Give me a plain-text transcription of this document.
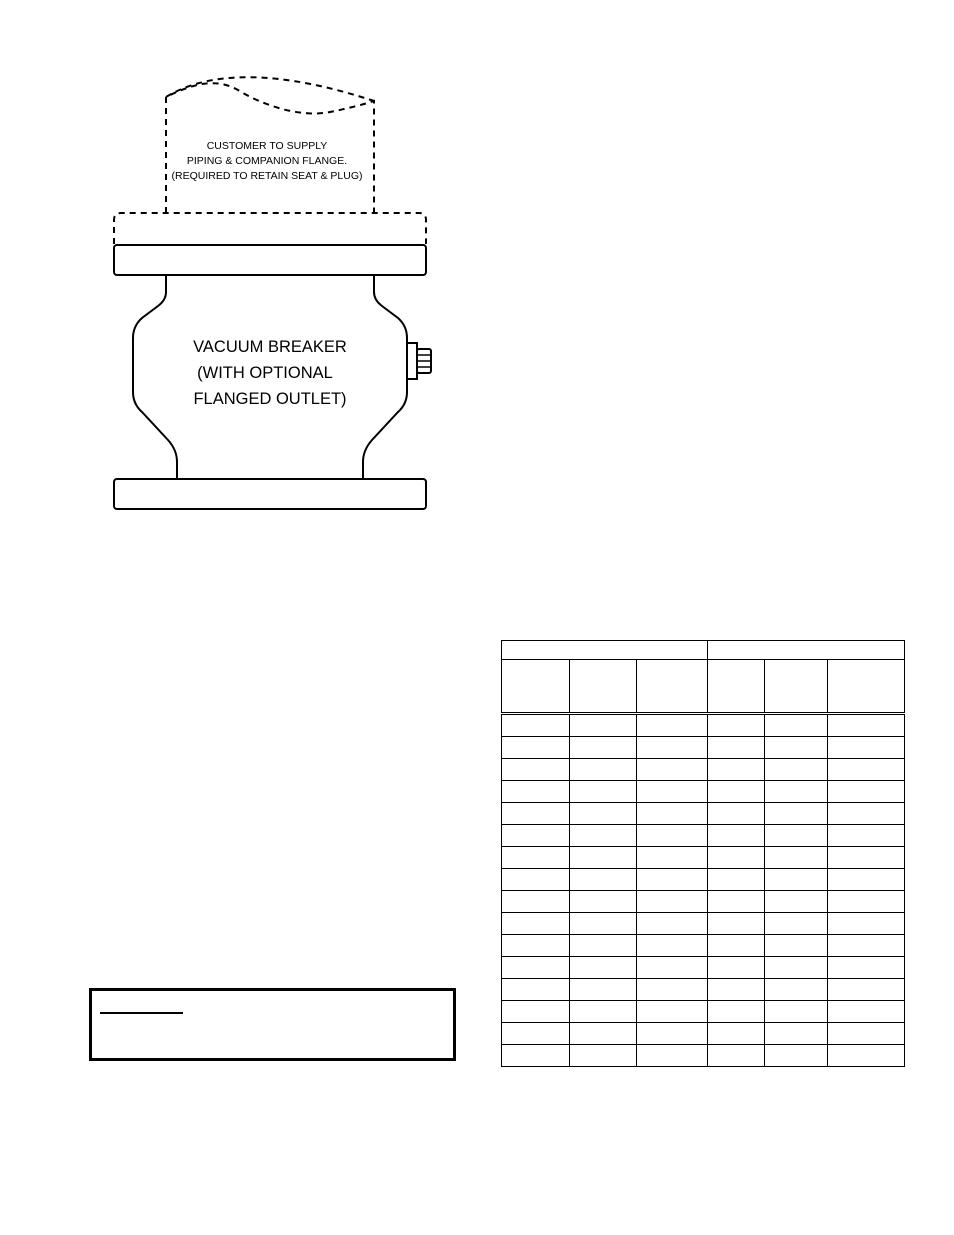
CUSTOMER TO SUPPLY
PIPING & COMPANION FLANGE.
(REQUIRED TO RETAIN SEAT & PLUG)
VACUUM BREAKER
(WITH OPTIONAL
FLANGED OUTLET)
